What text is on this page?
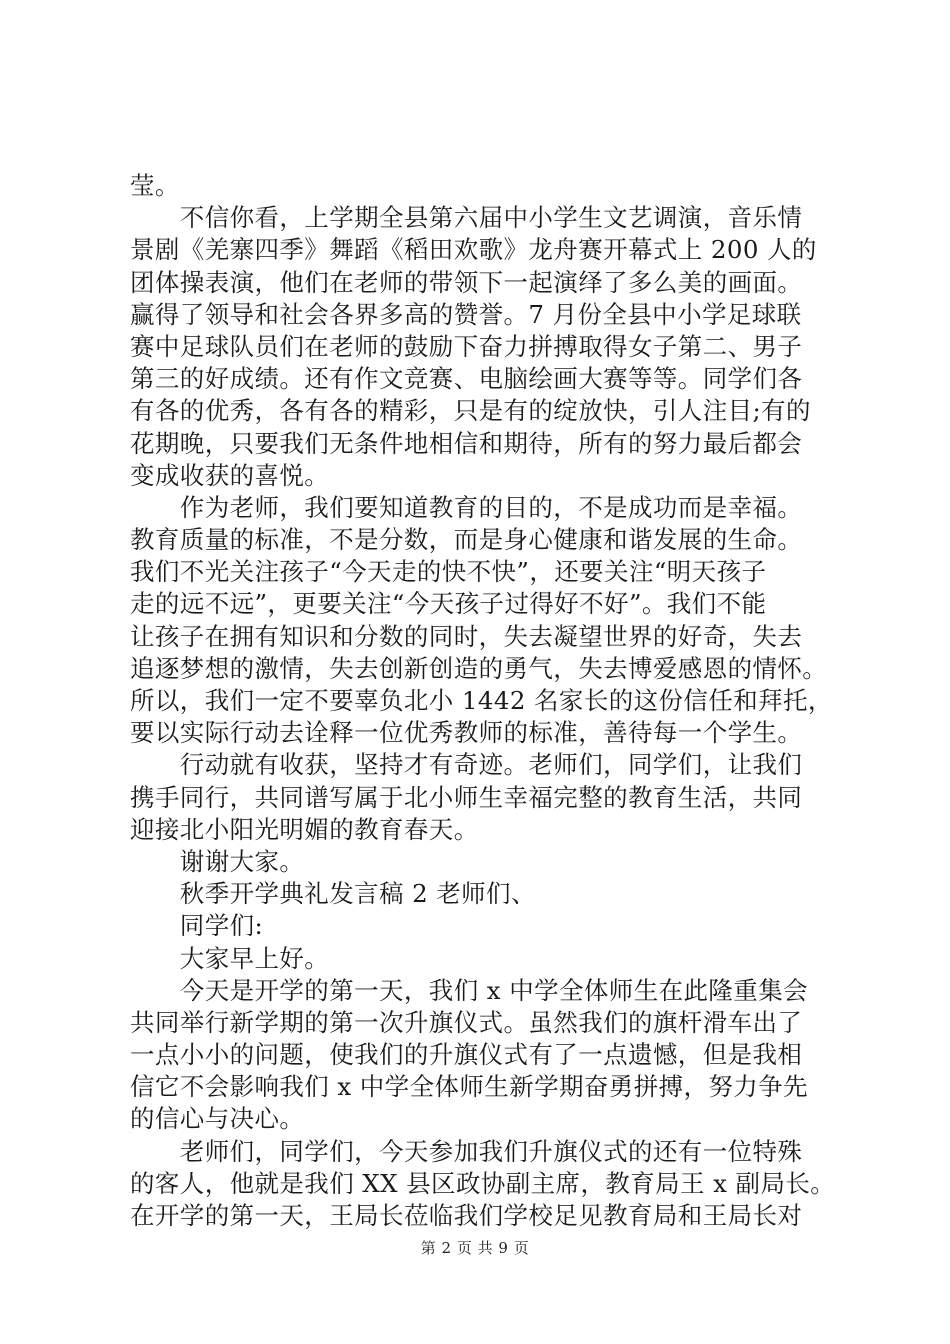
莹。
　　不信你看，上学期全县第六届中小学生文艺调演，音乐情
景剧《羌寨四季》舞蹈《稻田欢歌》龙舟赛开幕式上 200 人的
团体操表演，他们在老师的带领下一起演绎了多么美的画面。
赢得了领导和社会各界多高的赞誉。7 月份全县中小学足球联
赛中足球队员们在老师的鼓励下奋力拼搏取得女子第二、男子
第三的好成绩。还有作文竞赛、电脑绘画大赛等等。同学们各
有各的优秀，各有各的精彩，只是有的绽放快，引人注目;有的
花期晚，只要我们无条件地相信和期待，所有的努力最后都会
变成收获的喜悦。
　　作为老师，我们要知道教育的目的，不是成功而是幸福。
教育质量的标准，不是分数，而是身心健康和谐发展的生命。
我们不光关注孩子“今天走的快不快”，还要关注“明天孩子
走的远不远”，更要关注“今天孩子过得好不好”。我们不能
让孩子在拥有知识和分数的同时，失去凝望世界的好奇，失去
追逐梦想的激情，失去创新创造的勇气，失去博爱感恩的情怀。
所以，我们一定不要辜负北小 1442 名家长的这份信任和拜托，
要以实际行动去诠释一位优秀教师的标准，善待每一个学生。
　　行动就有收获，坚持才有奇迹。老师们，同学们，让我们
携手同行，共同谱写属于北小师生幸福完整的教育生活，共同
迎接北小阳光明媚的教育春天。
　　谢谢大家。
　　秋季开学典礼发言稿 2 老师们、
　　同学们:
　　大家早上好。
　　今天是开学的第一天，我们 x 中学全体师生在此隆重集会
共同举行新学期的第一次升旗仪式。虽然我们的旗杆滑车出了
一点小小的问题，使我们的升旗仪式有了一点遗憾，但是我相
信它不会影响我们 x 中学全体师生新学期奋勇拼搏，努力争先
的信心与决心。
　　老师们，同学们，今天参加我们升旗仪式的还有一位特殊
的客人，他就是我们 XX 县区政协副主席，教育局王 x 副局长。
在开学的第一天，王局长莅临我们学校足见教育局和王局长对
第 2 页 共 9 页
